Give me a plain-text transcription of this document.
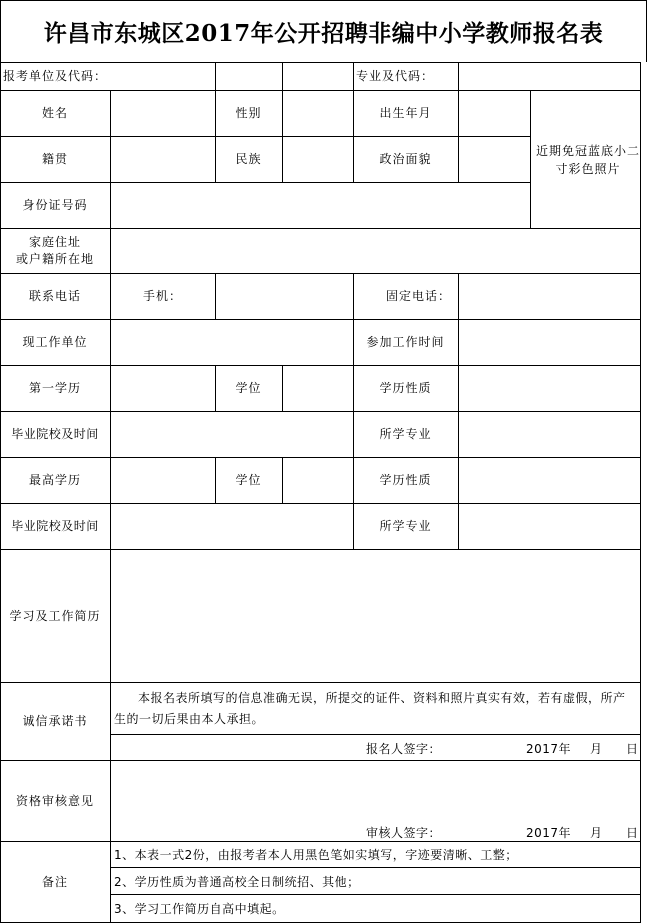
许昌市东城区2017年公开招聘非编中小学教师报名表
报考单位及代码：	专业及代码：
姓名	性别	出生年月
籍贯	民族	政治面貌
近期免冠蓝底小二寸彩色照片
身份证号码
家庭住址
或户籍所在地
联系电话	手机：	固定电话：
现工作单位	参加工作时间
第一学历	学位	学历性质
毕业院校及时间	所学专业
最高学历	学位	学历性质
毕业院校及时间	所学专业
学习及工作简历
诚信承诺书
本报名表所填写的信息准确无误，所提交的证件、资料和照片真实有效，若有虚假，所产生的一切后果由本人承担。
报名人签字：	2017年 月 日
资格审核意见
审核人签字：	2017年 月 日
备注
1、本表一式2份，由报考者本人用黑色笔如实填写，字迹要清晰、工整；
2、学历性质为普通高校全日制统招、其他；
3、学习工作简历自高中填起。
